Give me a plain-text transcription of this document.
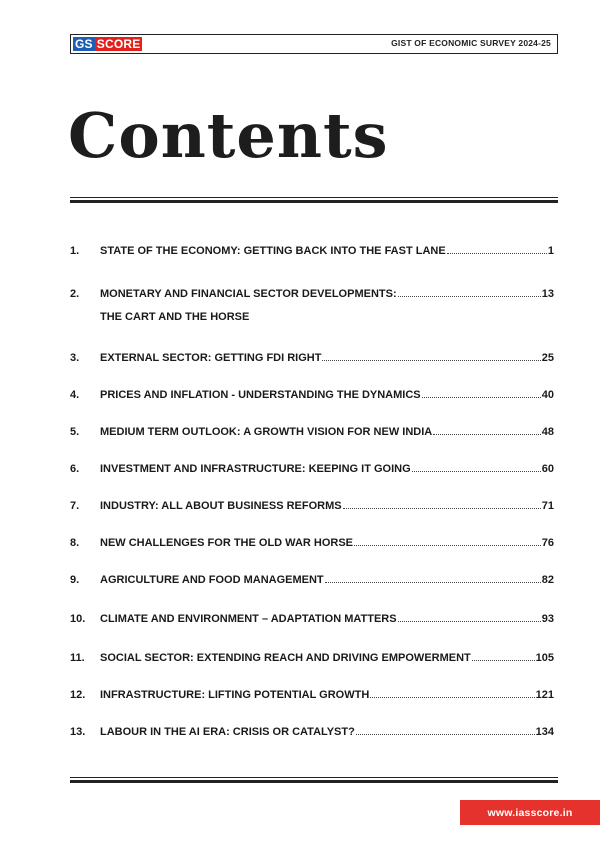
GS SCORE	GIST OF ECONOMIC SURVEY 2024-25
Contents
1.	STATE OF THE ECONOMY: GETTING BACK INTO THE FAST LANE	1
2.	MONETARY AND FINANCIAL SECTOR DEVELOPMENTS:	13
THE CART AND THE HORSE
3.	EXTERNAL SECTOR: GETTING FDI RIGHT	25
4.	PRICES AND INFLATION - UNDERSTANDING THE DYNAMICS	40
5.	MEDIUM TERM OUTLOOK: A GROWTH VISION FOR NEW INDIA	48
6.	INVESTMENT AND INFRASTRUCTURE: KEEPING IT GOING	60
7.	INDUSTRY: ALL ABOUT BUSINESS REFORMS	71
8.	NEW CHALLENGES FOR THE OLD WAR HORSE	76
9.	AGRICULTURE AND FOOD MANAGEMENT	82
10.	CLIMATE AND ENVIRONMENT – ADAPTATION MATTERS	93
11.	SOCIAL SECTOR: EXTENDING REACH AND DRIVING EMPOWERMENT	105
12.	INFRASTRUCTURE: LIFTING POTENTIAL GROWTH	121
13.	LABOUR IN THE AI ERA: CRISIS OR CATALYST?	134
www.iasscore.in
